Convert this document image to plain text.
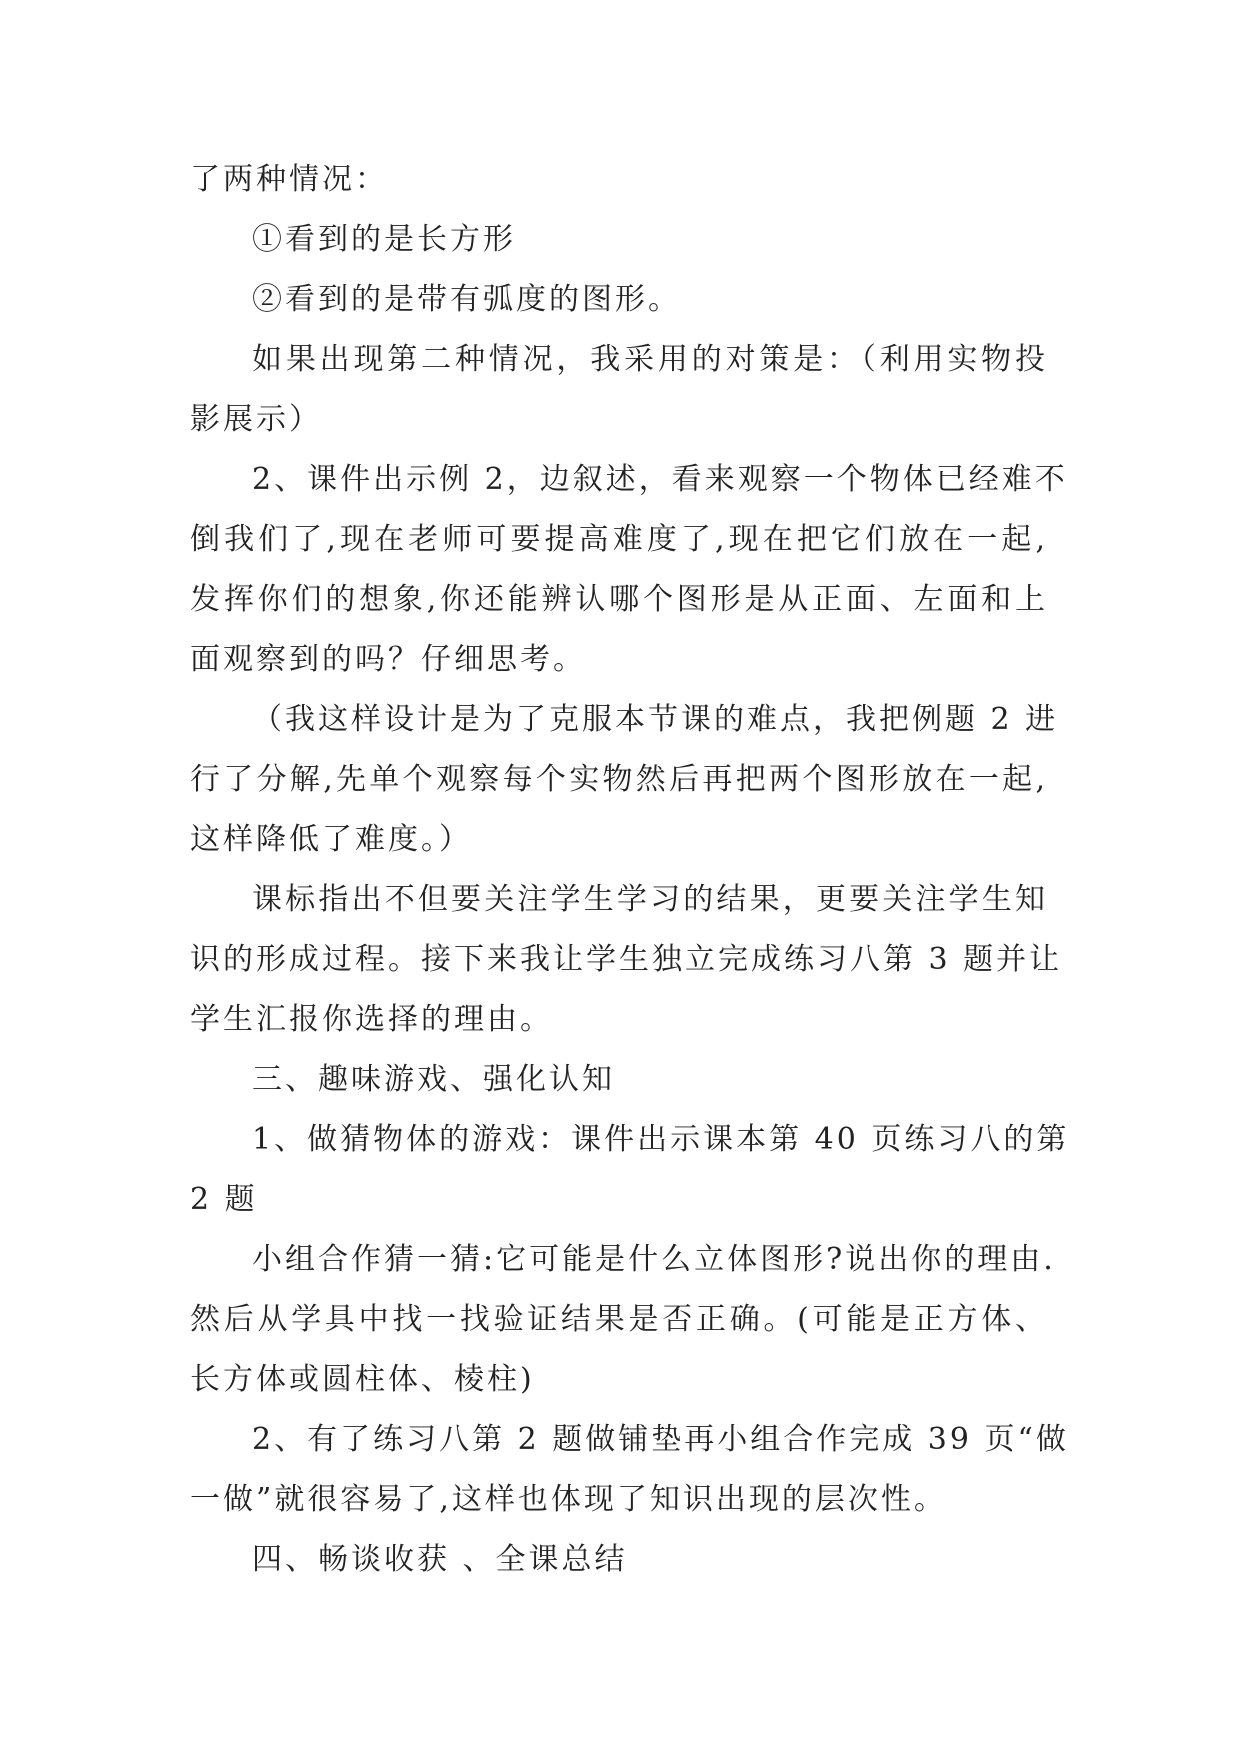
了两种情况：

①看到的是长方形

②看到的是带有弧度的图形。

如果出现第二种情况，我采用的对策是：（利用实物投
影展示）

2、课件出示例 2，边叙述，看来观察一个物体已经难不
倒我们了,现在老师可要提高难度了,现在把它们放在一起,
发挥你们的想象,你还能辨认哪个图形是从正面、左面和上
面观察到的吗？仔细思考。

（我这样设计是为了克服本节课的难点，我把例题 2 进
行了分解,先单个观察每个实物然后再把两个图形放在一起,
这样降低了难度。）

课标指出不但要关注学生学习的结果，更要关注学生知
识的形成过程。接下来我让学生独立完成练习八第 3 题并让
学生汇报你选择的理由。

三、趣味游戏、强化认知

1、做猜物体的游戏：课件出示课本第 40 页练习八的第
2 题

小组合作猜一猜:它可能是什么立体图形?说出你的理由.
然后从学具中找一找验证结果是否正确。(可能是正方体、
长方体或圆柱体、棱柱)

2、有了练习八第 2 题做铺垫再小组合作完成 39 页“做
一做”就很容易了,这样也体现了知识出现的层次性。

四、畅谈收获 、全课总结
